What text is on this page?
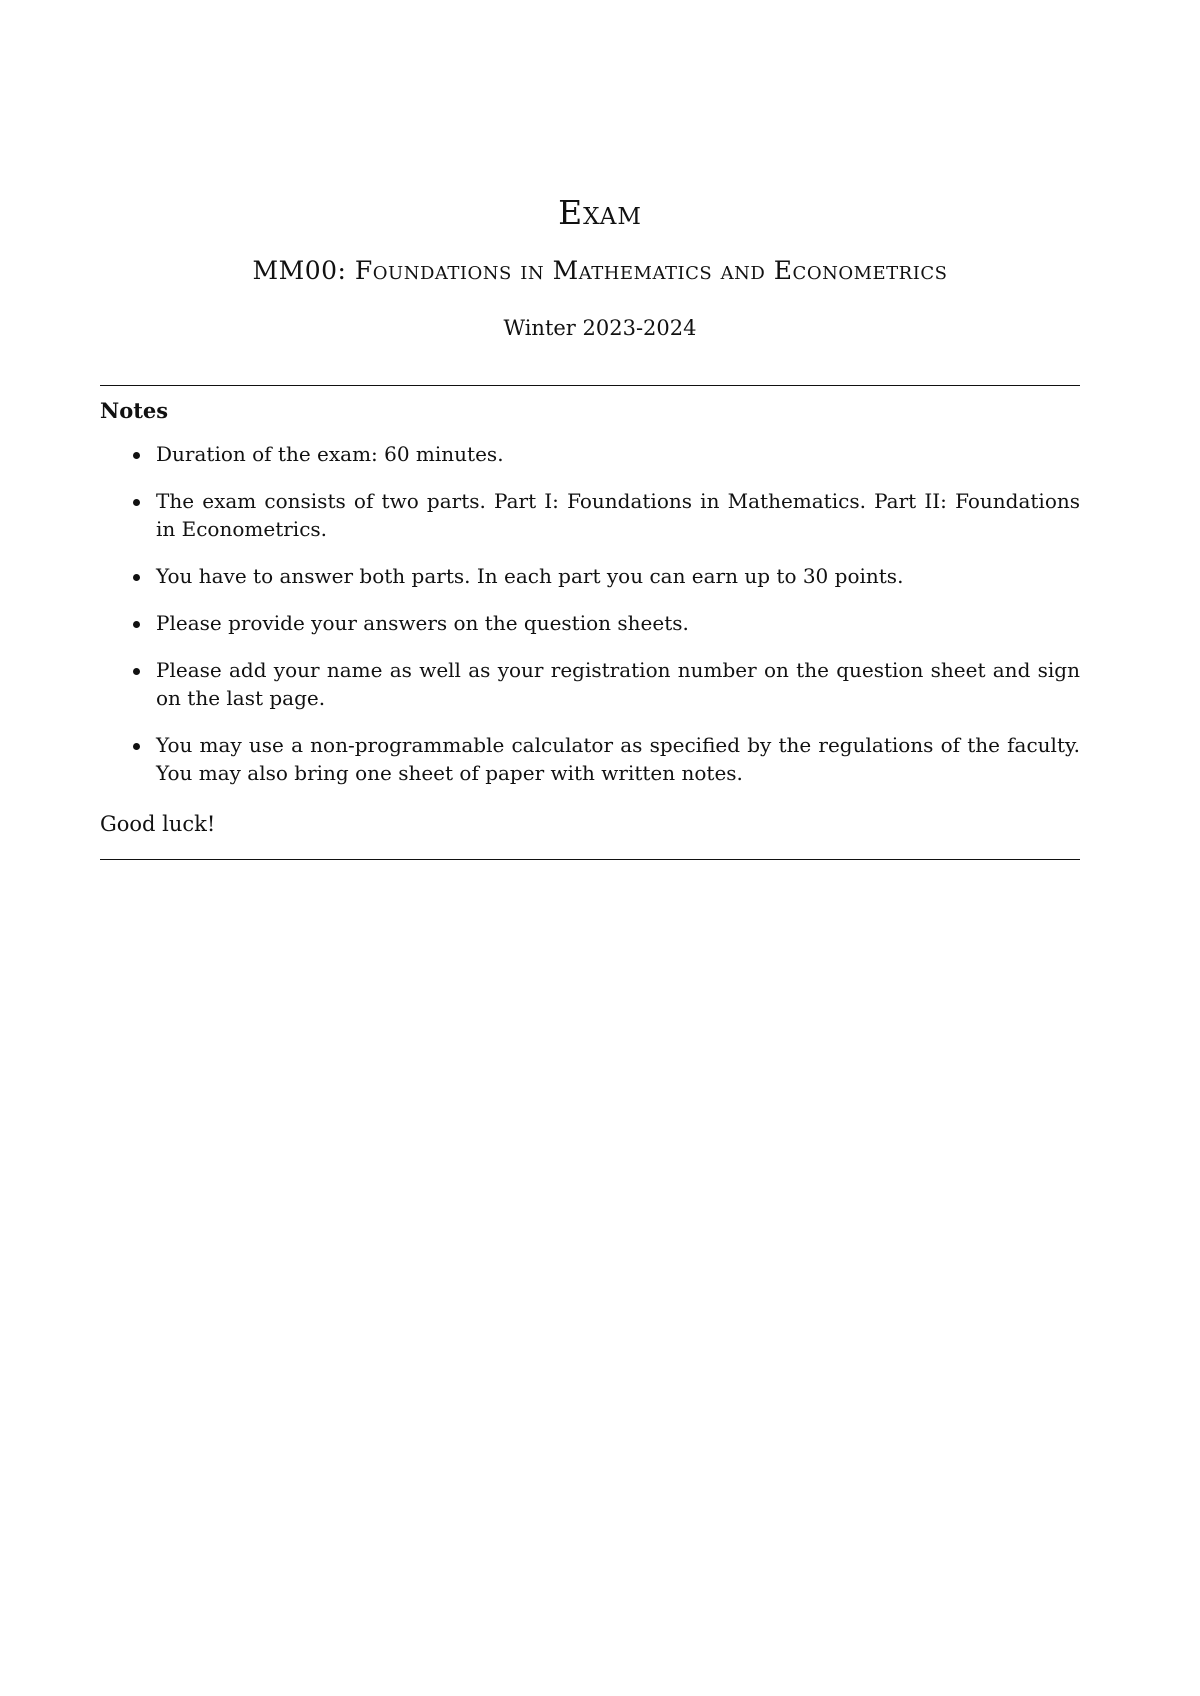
Exam
MM00: Foundations in Mathematics and Econometrics
Winter 2023-2024
Notes
Duration of the exam: 60 minutes.
The exam consists of two parts. Part I: Foundations in Mathematics. Part II: Foundations in Econometrics.
You have to answer both parts. In each part you can earn up to 30 points.
Please provide your answers on the question sheets.
Please add your name as well as your registration number on the question sheet and sign on the last page.
You may use a non-programmable calculator as specified by the regulations of the faculty. You may also bring one sheet of paper with written notes.
Good luck!
